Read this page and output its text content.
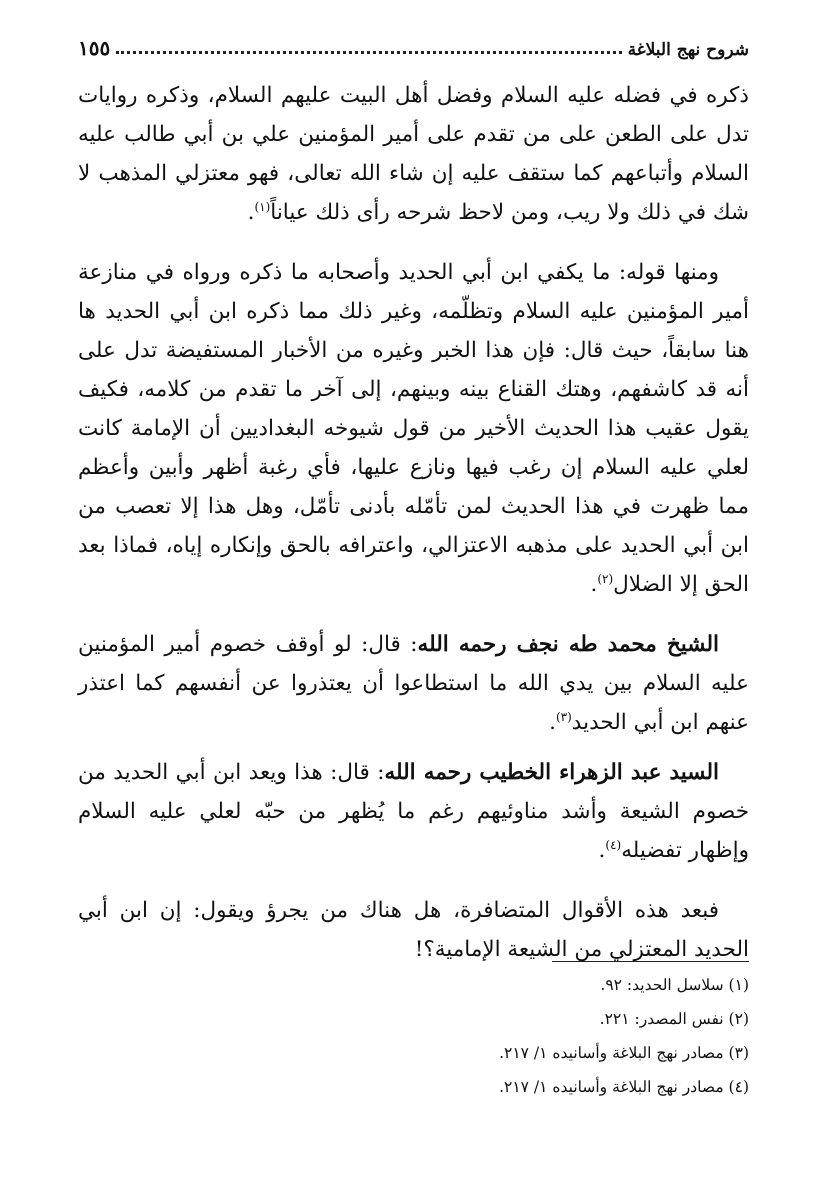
شروح نهج البلاغة
١٥٥

ذكره في فضله عليه السلام وفضل أهل البيت عليهم السلام، وذكره روايات تدل على الطعن على من تقدم على أمير المؤمنين علي بن أبي طالب عليه السلام وأتباعهم كما ستقف عليه إن شاء الله تعالى، فهو معتزلي المذهب لا شك في ذلك ولا ريب، ومن لاحظ شرحه رأى ذلك عياناً$^{(١)}$.

ومنها قوله: ما يكفي ابن أبي الحديد وأصحابه ما ذكره ورواه في منازعة أمير المؤمنين عليه السلام وتظلّمه، وغير ذلك مما ذكره ابن أبي الحديد ها هنا سابقاً، حيث قال: فإن هذا الخبر وغيره من الأخبار المستفيضة تدل على أنه قد كاشفهم، وهتك القناع بينه وبينهم، إلى آخر ما تقدم من كلامه، فكيف يقول عقيب هذا الحديث الأخير من قول شيوخه البغداديين أن الإمامة كانت لعلي عليه السلام إن رغب فيها ونازع عليها، فأي رغبة أظهر وأبين وأعظم مما ظهرت في هذا الحديث لمن تأمّله بأدنى تأمّل، وهل هذا إلا تعصب من ابن أبي الحديد على مذهبه الاعتزالي، واعترافه بالحق وإنكاره إياه، فماذا بعد الحق إلا الضلال$^{(٢)}$.

الشيخ محمد طه نجف رحمه الله: قال: لو أوقف خصوم أمير المؤمنين عليه السلام بين يدي الله ما استطاعوا أن يعتذروا عن أنفسهم كما اعتذر عنهم ابن أبي الحديد$^{(٣)}$.

السيد عبد الزهراء الخطيب رحمه الله: قال: هذا ويعد ابن أبي الحديد من خصوم الشيعة وأشد مناوئيهم رغم ما يُظهر من حبّه لعلي عليه السلام وإظهار تفضيله$^{(٤)}$.

فبعد هذه الأقوال المتضافرة، هل هناك من يجرؤ ويقول: إن ابن أبي الحديد المعتزلي من الشيعة الإمامية؟!

(١) سلاسل الحديد: ٩٢.
(٢) نفس المصدر: ٢٢١.
(٣) مصادر نهج البلاغة وأسانيده ١/ ٢١٧.
(٤) مصادر نهج البلاغة وأسانيده ١/ ٢١٧.
